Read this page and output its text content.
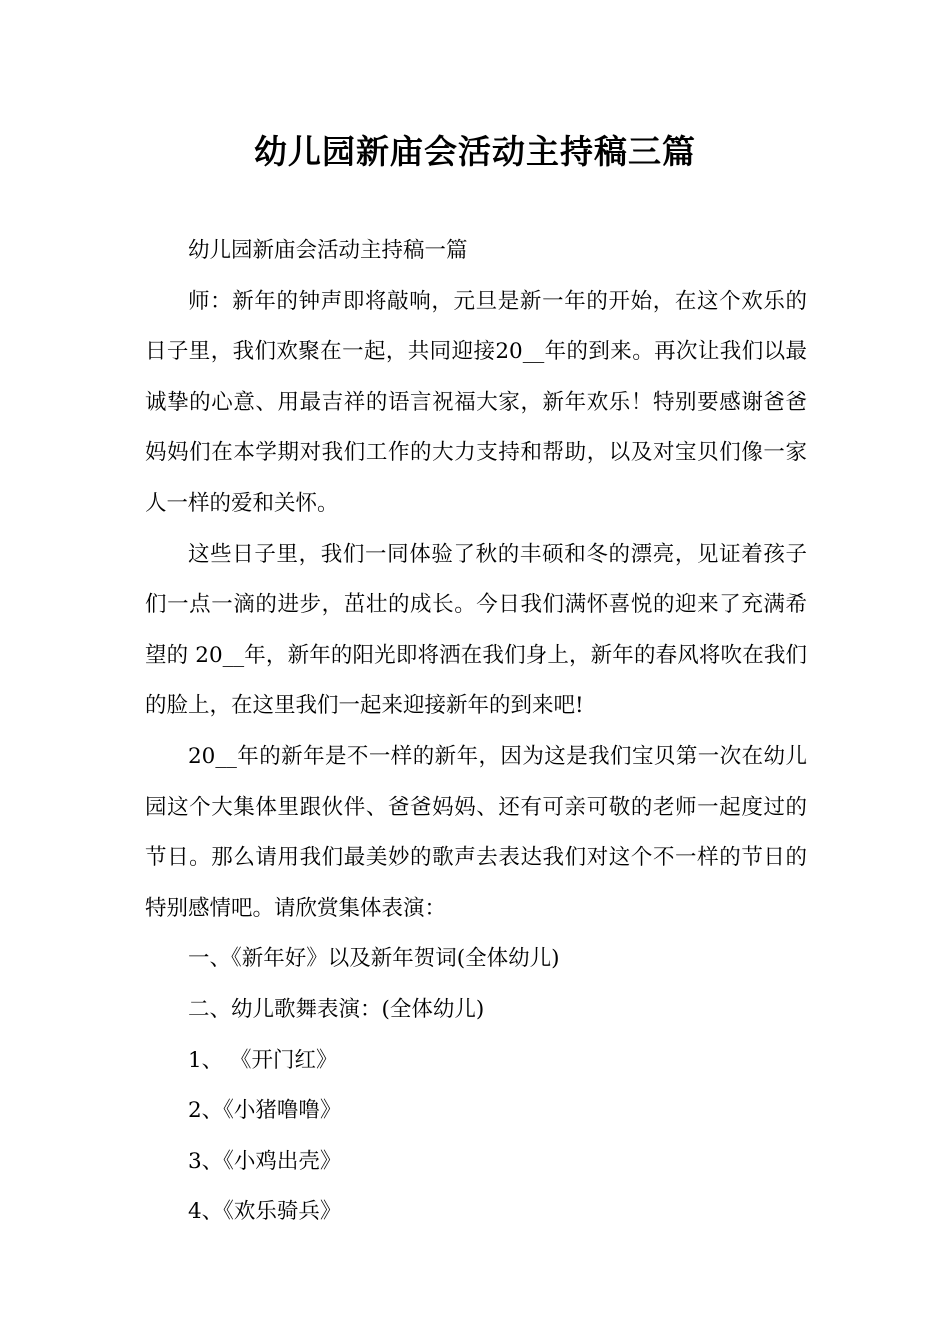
幼儿园新庙会活动主持稿三篇

幼儿园新庙会活动主持稿一篇

师：新年的钟声即将敲响，元旦是新一年的开始，在这个欢乐的日子里，我们欢聚在一起，共同迎接20__年的到来。再次让我们以最诚挚的心意、用最吉祥的语言祝福大家，新年欢乐！特别要感谢爸爸妈妈们在本学期对我们工作的大力支持和帮助，以及对宝贝们像一家人一样的爱和关怀。

这些日子里，我们一同体验了秋的丰硕和冬的漂亮，见证着孩子们一点一滴的进步，茁壮的成长。今日我们满怀喜悦的迎来了充满希望的 20__年，新年的阳光即将洒在我们身上，新年的春风将吹在我们的脸上，在这里我们一起来迎接新年的到来吧!

20__年的新年是不一样的新年，因为这是我们宝贝第一次在幼儿园这个大集体里跟伙伴、爸爸妈妈、还有可亲可敬的老师一起度过的节日。那么请用我们最美妙的歌声去表达我们对这个不一样的节日的特别感情吧。请欣赏集体表演：

一、《新年好》以及新年贺词(全体幼儿)

二、幼儿歌舞表演：(全体幼儿)

1、 《开门红》

2、《小猪噜噜》

3、《小鸡出壳》

4、《欢乐骑兵》
